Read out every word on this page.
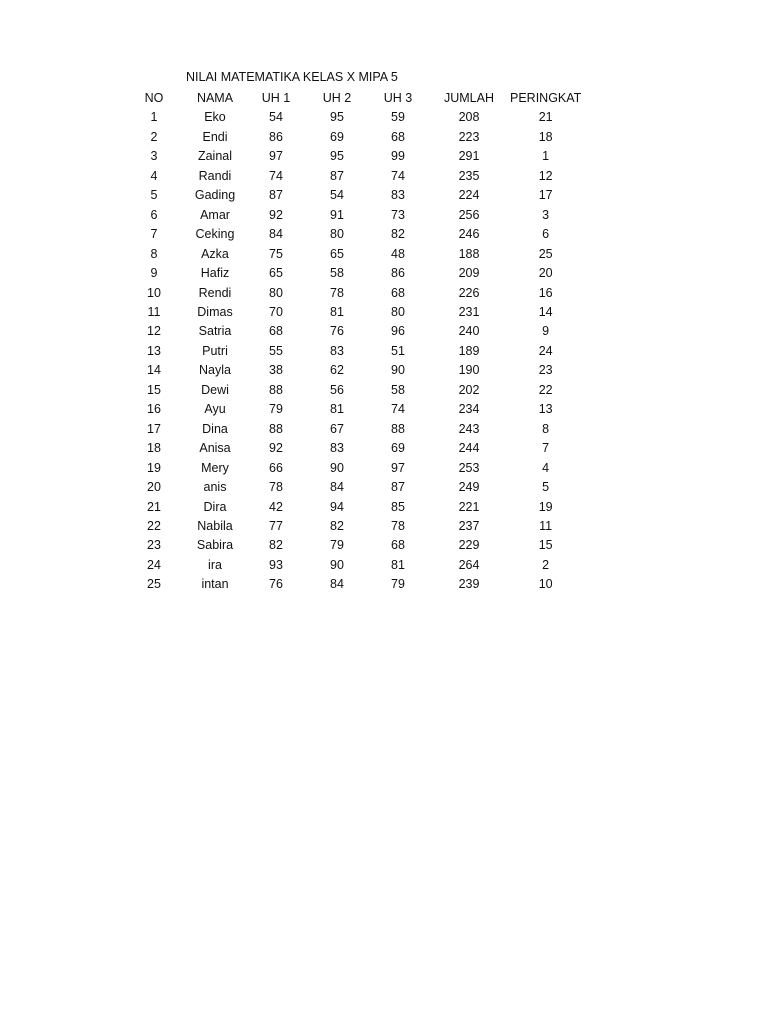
NILAI MATEMATIKA KELAS X MIPA 5
NO	NAMA	UH 1	UH 2	UH 3	JUMLAH	PERINGKAT
1	Eko	54	95	59	208	21
2	Endi	86	69	68	223	18
3	Zainal	97	95	99	291	1
4	Randi	74	87	74	235	12
5	Gading	87	54	83	224	17
6	Amar	92	91	73	256	3
7	Ceking	84	80	82	246	6
8	Azka	75	65	48	188	25
9	Hafiz	65	58	86	209	20
10	Rendi	80	78	68	226	16
11	Dimas	70	81	80	231	14
12	Satria	68	76	96	240	9
13	Putri	55	83	51	189	24
14	Nayla	38	62	90	190	23
15	Dewi	88	56	58	202	22
16	Ayu	79	81	74	234	13
17	Dina	88	67	88	243	8
18	Anisa	92	83	69	244	7
19	Mery	66	90	97	253	4
20	anis	78	84	87	249	5
21	Dira	42	94	85	221	19
22	Nabila	77	82	78	237	11
23	Sabira	82	79	68	229	15
24	ira	93	90	81	264	2
25	intan	76	84	79	239	10
